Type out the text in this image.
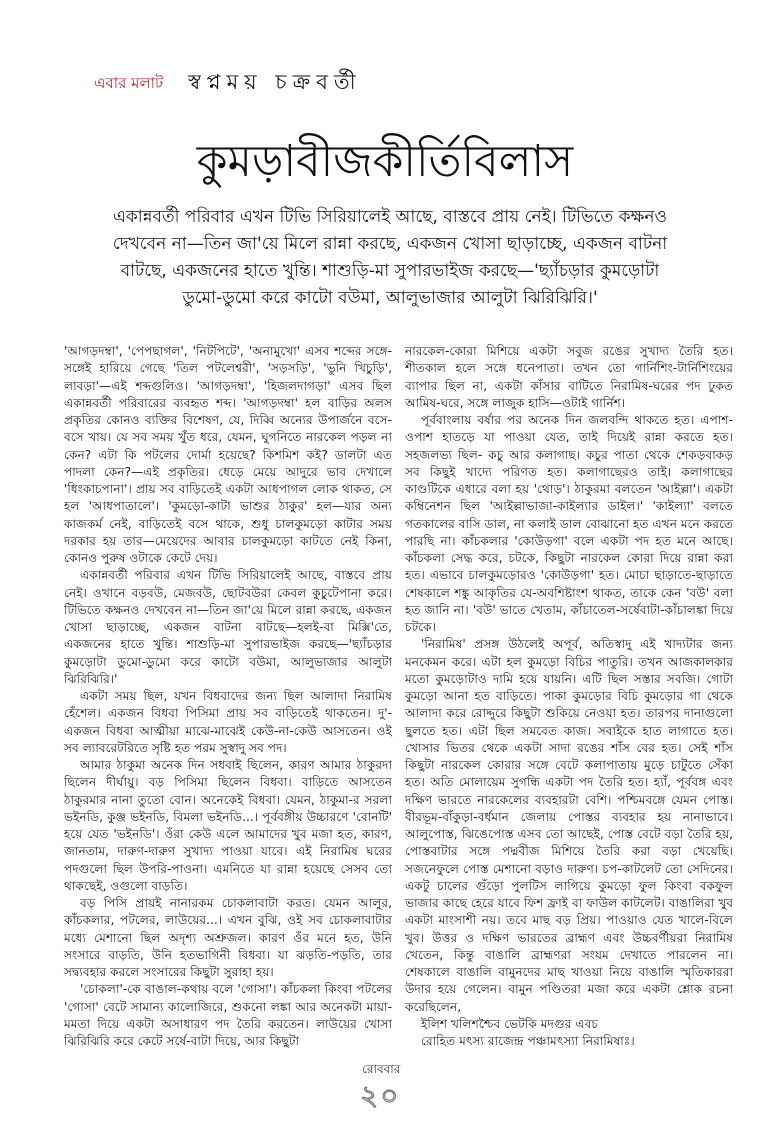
এবার মলাট স্বপ্নময় চক্রবর্তী
কুমড়াবীজকীর্তিবিলাস
একান্নবর্তী পরিবার এখন টিভি সিরিয়ালেই আছে, বাস্তবে প্রায় নেই। টিভিতে কক্ষনও দেখবেন না—তিন জা'য়ে মিলে রান্না করছে, একজন খোসা ছাড়াচ্ছে, একজন বাটনা বাটছে, একজনের হাতে খুন্তি। শাশুড়ি-মা সুপারভাইজ করছে—'ছ্যাঁচড়ার কুমড়োটা ডুমো-ডুমো করে কাটো বউমা, আলুভাজার আলুটা ঝিরিঝিরি।'

'আগড়দম্বা', 'পেপছাগল', 'নিটপিটে', 'অনামুখো' এসব শব্দের সঙ্গে-সঙ্গেই হারিয়ে গেছে 'তিল পটলেশ্বরী', 'সড়সড়ি', 'ভুনি খিচুড়ি', লাবড়া'—এই শব্দগুলিও। 'আগড়দম্বা', 'হিজলদাগড়া' এসব ছিল একান্নবর্তী পরিবারের ব্যবহৃত শব্দ। 'আগড়দম্বা' হল বাড়ির অলস প্রকৃতির কোনও ব্যক্তির বিশেষণ, যে, দিব্বি অন্যের উপার্জনে বসে-বসে খায়। যে সব সময় খুঁত ধরে, যেমন, ঘুগনিতে নারকেল পড়ল না কেন? এটা কি পটলের দোর্মা হয়েছে? কিশমিশ কই? ডালটা এত পাদলা কেন?—এই প্রকৃতির। ধেড়ে মেয়ে আদুরে ভাব দেখালে 'ধিংকাচপানা'। প্রায় সব বাড়িতেই একটা আধপাগল লোক থাকত, সে হল 'আধপাতালে'। 'কুমড়ো-কাটা ভাশুর ঠাকুর' হল—যার অন্য কাজকর্ম নেই, বাড়িতেই বসে থাকে, শুধু চালকুমড়ো কাটার সময় দরকার হয় তার—মেয়েদের আবার চালকুমড়ো কাটতে নেই কিনা, কোনও পুরুষ ওটাকে কেটে দেয়।

একান্নবর্তী পরিবার এখন টিভি সিরিয়ালেই আছে, বাস্তবে প্রায় নেই। ওখানে বড়বউ, মেজবউ, ছোটবউরা কেবল কুচুটেপানা করে। টিভিতে কক্ষনও দেখবেন না—তিন জা'য়ে মিলে রান্না করছে, একজন খোসা ছাড়াচ্ছে, একজন বাটনা বাটছে—হলই-বা মিক্সি'তে, একজনের হাতে খুন্তি। শাশুড়ি-মা সুপারভাইজ করছে—'ছ্যাঁচড়ার কুমড়োটা ডুমো-ডুমো করে কাটো বউমা, আলুভাজার আলুটা ঝিরিঝিরি।'

একটা সময় ছিল, যখন বিধবাদের জন্য ছিল আলাদা নিরামিষ হেঁশেল। একজন বিধবা পিসিমা প্রায় সব বাড়িতেই থাকতেন। দু'-একজন বিধবা আত্মীয়া মাঝে-মাঝেই কেউ-না-কেউ আসতেন। ওই সব ল্যাবরেটরিতে সৃষ্টি হত পরম সুস্বাদু সব পদ।

আমার ঠাকুমা অনেক দিন সধবাই ছিলেন, কারণ আমার ঠাকুরদা ছিলেন দীর্ঘায়ু। বড় পিসিমা ছিলেন বিধবা। বাড়িতে আসতেন ঠাকুরমার নানা তুতো বোন। অনেকেই বিধবা। যেমন, ঠাকুমা-র সরলা ভইনডি, কুঞ্জ ভইনডি, বিমলা ভইনডি...। পূর্ববঙ্গীয় উচ্চারণে 'বোনটি' হয়ে যেত 'ভইনডি'। ওঁরা কেউ এলে আমাদের খুব মজা হত, কারণ, জানতাম, দারুণ-দারুণ সুখাদ্য পাওয়া যাবে। এই নিরামিষ ঘরের পদগুলো ছিল উপরি-পাওনা। এমনিতে যা রান্না হয়েছে সেসব তো থাকছেই, ওগুলো বাড়তি।

বড় পিসি প্রায়ই নানারকম চোকলাবাটা করত। যেমন আলুর, কাঁচকলার, পটলের, লাউয়ের...। এখন বুঝি, ওই সব চোকলাবাটার মধ্যে মেশানো ছিল অদৃশ্য অশ্রুজল। কারণ ওঁর মনে হত, উনি সংসারে বাড়তি, উনি হতভাগিনী বিধবা। যা ঝড়তি-পড়তি, তার সদ্ব্যবহার করলে সংসারের কিছুটা সুরাহা হয়।

'চোকলা'-কে বাঙাল-কথায় বলে 'গোসা'। কাঁচকলা কিংবা পটলের 'গোসা' বেটে সামান্য কালোজিরে, শুকনো লঙ্কা আর অনেকটা মায়া-মমতা দিয়ে একটা অসাধারণ পদ তৈরি করতেন। লাউয়ের খোসা ঝিরিঝিরি করে কেটে সর্ষে-বাটা দিয়ে, আর কিছুটা

নারকেল-কোরা মিশিয়ে একটা সবুজ রঙের সুখাদ্য তৈরি হত। শীতকাল হলে সঙ্গে ধনেপাতা। তখন তো গার্নিশিং-টার্নিশিংয়ের ব্যাপার ছিল না, একটা কাঁসার বাটিতে নিরামিষ-ঘরের পদ ঢুকত আমিষ-ঘরে, সঙ্গে লাজুক হাসি—ওটাই গার্নিশ।

পূর্ববাংলায় বর্ষার পর অনেক দিন জলবন্দি থাকতে হত। এপাশ-ওপাশ হাতড়ে যা পাওয়া যেত, তাই দিয়েই রান্না করতে হত। সহজলভ্য ছিল- কচু আর কলাগাছ। কচুর পাতা থেকে শেকড়বাকড় সব কিছুই খাদ্যে পরিণত হত। কলাগাছেরও তাই। কলাগাছের কাণ্ডটিকে এধারে বলা হয় 'থোড়'। ঠাকুরমা বলতেন 'আইল্লা'। একটা কম্বিনেশন ছিল 'আইল্লাভাজা-কাইল্যার ডাইল।' 'কাইল্যা' বলতে গতকালের বাসি ডাল, না কলাই ডাল বোঝানো হত এখন মনে করতে পারছি না। কাঁচকলার 'কোউড়গা' বলে একটা পদ হত মনে আছে। কাঁচকলা সেদ্ধ করে, চটকে, কিছুটা নারকেল কোরা দিয়ে রান্না করা হত। এভাবে চালকুমড়োরও 'কোউড়গা' হত। মোচা ছাড়াতে-ছাড়াতে শেষকালে শঙ্কু আকৃতির যে-অবশিষ্টাংশ থাকত, তাকে কেন 'বউ' বলা হত জানি না। 'বউ' ভাতে খেতাম, কাঁচাতেল-সর্ষেবাটা-কাঁচালঙ্কা দিয়ে চটকে।

'নিরামিষ' প্রসঙ্গ উঠলেই অপূর্ব, অতিস্বাদু এই খাদ্যটার জন্য মনকেমন করে। এটা হল কুমড়ো বিচির পাতুরি। তখন আজকালকার মতো কুমড়োটাও দামি হয়ে যায়নি। এটি ছিল সস্তার সবজি। গোটা কুমড়ো আনা হত বাড়িতে। পাকা কুমড়োর বিচি কুমড়োর গা থেকে আলাদা করে রোদ্দুরে কিছুটা শুকিয়ে নেওয়া হত। তারপর দানাগুলো ছুলতে হত। এটা ছিল সমবেত কাজ। সবাইকে হাত লাগাতে হত। খোসার ভিতর থেকে একটা সাদা রঙের শাঁস বের হত। সেই শাঁস কিছুটা নারকেল কোরার সঙ্গে বেটে কলাপাতায় মুড়ে চাটুতে সেঁকা হত। অতি মোলায়েম সুগন্ধি একটা পদ তৈরি হত। হ্যাঁ, পূর্ববঙ্গ এবং দক্ষিণ ভারতে নারকেলের ব্যবহারটা বেশি। পশ্চিমবঙ্গে যেমন পোস্ত। বীরভূম-বাঁকুড়া-বর্ধমান জেলায় পোস্তর ব্যবহার হয় নানাভাবে। আলুপোস্ত, ঝিঙেপোস্ত এসব তো আছেই, পোস্ত বেটে বড়া তৈরি হয়, পোস্তবাটার সঙ্গে পদ্মবীজ মিশিয়ে তৈরি করা বড়া খেয়েছি। সজনেফুলে পোস্ত মেশানো বড়াও দারুণ। চপ-কাটলেট তো সেদিনের। একটু চালের গুঁড়ো পুলটিস লাগিয়ে কুমড়ো ফুল কিংবা বকফুল ভাজার কাছে হেরে যাবে ফিশ ফ্রাই বা ফাউল কাটলেট। বাঙালিরা খুব একটা মাংসাশী নয়। তবে মাছ বড় প্রিয়। পাওয়াও যেত খালে-বিলে খুব। উত্তর ও দক্ষিণ ভারতের ব্রাহ্মণ এবং উচ্চবর্ণীয়রা নিরামিষ খেতেন, কিন্তু বাঙালি ব্রাহ্মণরা সংযম দেখাতে পারলেন না। শেষকালে বাঙালি বামুনদের মাছ খাওয়া নিয়ে বাঙালি স্মৃতিকাররা উদার হয়ে গেলেন। বামুন পণ্ডিতরা মজা করে একটা শ্লোক রচনা করেছিলেন,

ইলিশ খলিশশ্চৈব ভেটকি মদগুর এবচ

রোহিত মৎস্য রাজেন্দ্র পঞ্চামৎস্যা নিরামিষাঃ।

রোববার
২০
